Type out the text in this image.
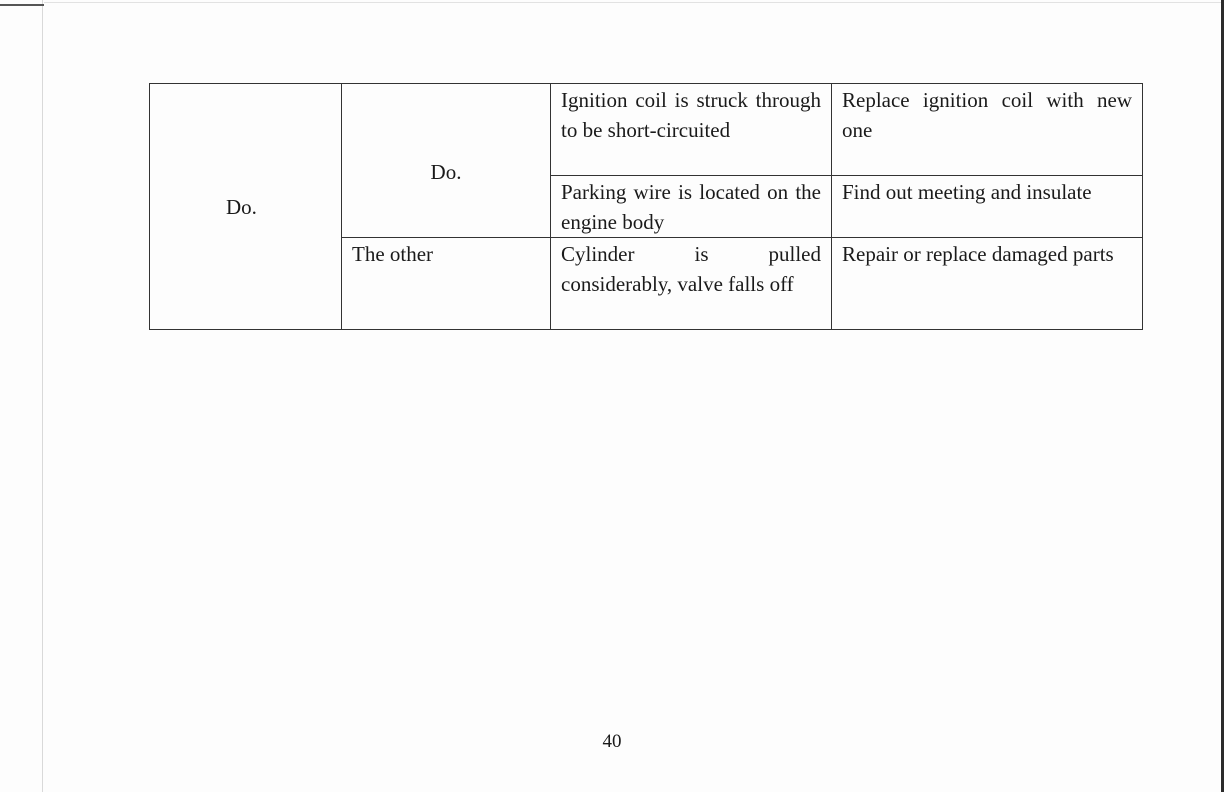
Do.	Do.	Ignition coil is struck through to be short-circuited	Replace ignition coil with new one
		Parking wire is located on the engine body	Find out meeting and insulate
	The other	Cylinder is pulled considerably, valve falls off	Repair or replace damaged parts
40
